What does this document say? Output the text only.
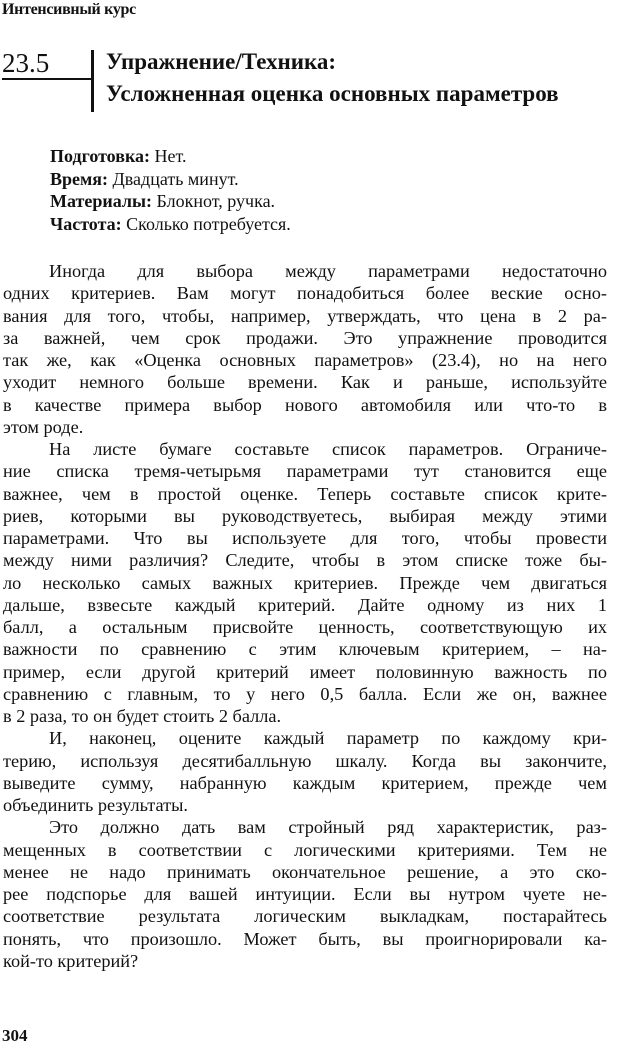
Интенсивный курс
23.5 Упражнение/Техника:
Усложненная оценка основных параметров
Подготовка: Нет.
Время: Двадцать минут.
Материалы: Блокнот, ручка.
Частота: Сколько потребуется.
Иногда для выбора между параметрами недостаточно
одних критериев. Вам могут понадобиться более веские осно-
вания для того, чтобы, например, утверждать, что цена в 2 ра-
за важней, чем срок продажи. Это упражнение проводится
так же, как «Оценка основных параметров» (23.4), но на него
уходит немного больше времени. Как и раньше, используйте
в качестве примера выбор нового автомобиля или что-то в
этом роде.
На листе бумаге составьте список параметров. Ограниче-
ние списка тремя-четырьмя параметрами тут становится еще
важнее, чем в простой оценке. Теперь составьте список крите-
риев, которыми вы руководствуетесь, выбирая между этими
параметрами. Что вы используете для того, чтобы провести
между ними различия? Следите, чтобы в этом списке тоже бы-
ло несколько самых важных критериев. Прежде чем двигаться
дальше, взвесьте каждый критерий. Дайте одному из них 1
балл, а остальным присвойте ценность, соответствующую их
важности по сравнению с этим ключевым критерием, – на-
пример, если другой критерий имеет половинную важность по
сравнению с главным, то у него 0,5 балла. Если же он, важнее
в 2 раза, то он будет стоить 2 балла.
И, наконец, оцените каждый параметр по каждому кри-
терию, используя десятибалльную шкалу. Когда вы закончите,
выведите сумму, набранную каждым критерием, прежде чем
объединить результаты.
Это должно дать вам стройный ряд характеристик, раз-
мещенных в соответствии с логическими критериями. Тем не
менее не надо принимать окончательное решение, а это ско-
рее подспорье для вашей интуиции. Если вы нутром чуете не-
соответствие результата логическим выкладкам, постарайтесь
понять, что произошло. Может быть, вы проигнорировали ка-
кой-то критерий?
304
